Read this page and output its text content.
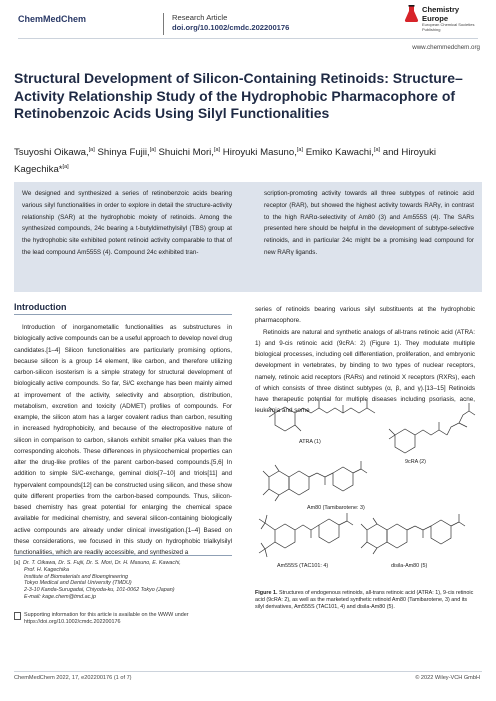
ChemMedChem	Research Article
doi.org/10.1002/cmdc.202200176
Chemistry
Europe
European Chemical Societies Publishing
www.chemmedchem.org
Structural Development of Silicon-Containing Retinoids: Structure–Activity Relationship Study of the Hydrophobic Pharmacophore of Retinobenzoic Acids Using Silyl Functionalities
Tsuyoshi Oikawa,[a] Shinya Fujii,[a] Shuichi Mori,[a] Hiroyuki Masuno,[a] Emiko Kawachi,[a] and Hiroyuki Kagechika*[a]
We designed and synthesized a series of retinobenzoic acids bearing various silyl functionalities in order to explore in detail the structure-activity relationship (SAR) at the hydrophobic moiety of retinoids. Among the synthesized compounds, 24c bearing a t-butyldimethylsilyl (TBS) group at the hydrophobic site exhibited potent retinoid activity comparable to that of the lead compound Am555S (4). Compound 24c exhibited tran-
scription-promoting activity towards all three subtypes of retinoic acid receptor (RAR), but showed the highest activity towards RARγ, in contrast to the high RARα-selectivity of Am80 (3) and Am555S (4). The SARs presented here should be helpful in the development of subtype-selective retinoids, and in particular 24c might be a promising lead compound for new RARγ ligands.
Introduction

Introduction of inorganometallic functionalities as substructures in biologically active compounds can be a useful approach to develop novel drug candidates.[1–4] Silicon functionalities are particularly promising options, because silicon is a group 14 element, like carbon, and therefore utilizing carbon-silicon isosterism is a simple strategy for structural development of biologically active compounds. So far, Si/C exchange has been mainly aimed at improvement of the activity, selectivity and absorption, distribution, metabolism, excretion and toxicity (ADMET) profiles of compounds. For example, the silicon atom has a larger covalent radius than carbon, resulting in increased hydrophobicity, and because of the electropositive nature of silicon in comparison to carbon, silanols exhibit smaller pKa values than the corresponding alcohols. These differences in physicochemical properties can alter the drug-like profiles of the parent carbon-based compounds.[5,6] In addition to simple Si/C-exchange, geminal diols[7–10] and triols[11] and hypervalent compounds[12] can be constructed using silicon, and these show quite different properties from the carbon-based compounds. Thus, silicon-based chemistry has great potential for enlarging the chemical space available for medicinal chemistry, and several silicon-containing biologically active compounds are already under clinical investigation.[1–4] Based on these considerations, we focused in this study on hydrophobic trialkylsilyl functionalities, which are readily accessible, and synthesized a

series of retinoids bearing various silyl substituents at the hydrophobic pharmacophore.

Retinoids are natural and synthetic analogs of all-trans retinoic acid (ATRA: 1) and 9-cis retinoic acid (9cRA: 2) (Figure 1). They modulate multiple biological processes, including cell differentiation, proliferation, and embryonic development in vertebrates, by binding to two types of nuclear receptors, namely, retinoic acid receptors (RARs) and retinoid X receptors (RXRs), each of which consists of three distinct subtypes (α, β, and γ).[13–15] Retinoids have therapeutic potential for multiple diseases including psoriasis, acne, leukemia and some

[a] Dr. T. Oikawa, Dr. S. Fujii, Dr. S. Mori, Dr. H. Masuno, E. Kawachi,
Prof. H. Kagechika
Institute of Biomaterials and Bioengineering
Tokyo Medical and Dental University (TMDU)
2-3-10 Kanda-Surugadai, Chiyoda-ku, 101-0062 Tokyo (Japan)
E-mail: kage.chem@tmd.ac.jp
Supporting information for this article is available on the WWW under https://doi.org/10.1002/cmdc.202200176
ATRA (1)
9cRA (2)
Am80 (Tamibarotene: 3)
Am555S (TAC101: 4)	disila-Am80 (5)
Figure 1. Structures of endogenous retinoids, all-trans retinoic acid (ATRA: 1), 9-cis retinoic acid (9cRA: 2), as well as the marketed synthetic retinoid Am80 (Tamibarotene, 3) and its silyl derivatives, Am555S (TAC101, 4) and disila-Am80 (5).
ChemMedChem 2022, 17, e202200176 (1 of 7)	© 2022 Wiley-VCH GmbH
